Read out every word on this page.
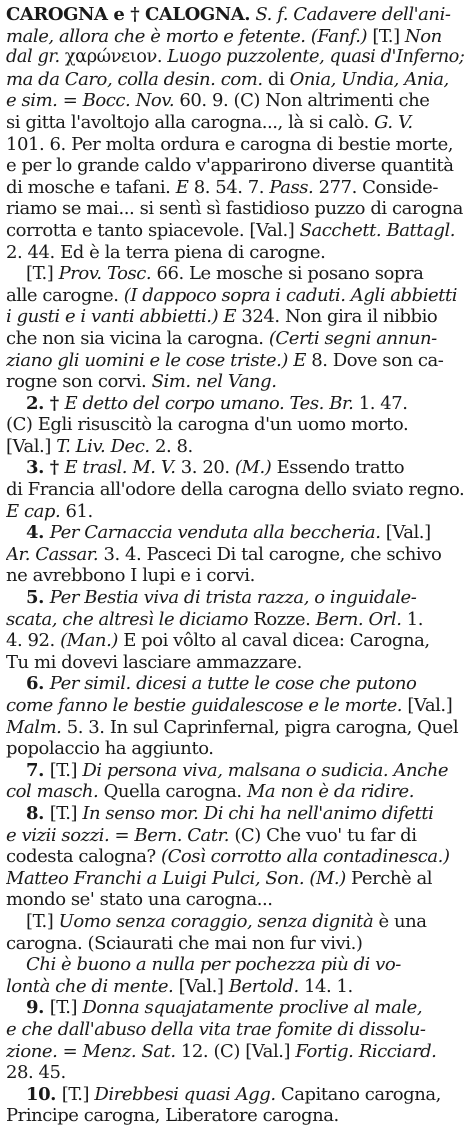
CAROGNA e † CALOGNA. S. f. Cadavere dell'ani-
male, allora che è morto e fetente. (Fanf.) [T.] Non
dal gr. χαρώνειον. Luogo puzzolente, quasi d'Inferno;
ma da Caro, colla desin. com. di Onia, Undia, Ania,
e sim. = Bocc. Nov. 60. 9. (C) Non altrimenti che
si gitta l'avoltojo alla carogna..., là si calò. G. V.
101. 6. Per molta ordura e carogna di bestie morte,
e per lo grande caldo v'apparirono diverse quantità
di mosche e tafani. E 8. 54. 7. Pass. 277. Conside-
riamo se mai... si sentì sì fastidioso puzzo di carogna
corrotta e tanto spiacevole. [Val.] Sacchett. Battagl.
2. 44. Ed è la terra piena di carogne.
[T.] Prov. Tosc. 66. Le mosche si posano sopra
alle carogne. (I dappoco sopra i caduti. Agli abbietti
i gusti e i vanti abbietti.) E 324. Non gira il nibbio
che non sia vicina la carogna. (Certi segni annun-
ziano gli uomini e le cose triste.) E 8. Dove son ca-
rogne son corvi. Sim. nel Vang.
2. † E detto del corpo umano. Tes. Br. 1. 47.
(C) Egli risuscitò la carogna d'un uomo morto.
[Val.] T. Liv. Dec. 2. 8.
3. † E trasl. M. V. 3. 20. (M.) Essendo tratto
di Francia all'odore della carogna dello sviato regno.
E cap. 61.
4. Per Carnaccia venduta alla beccheria. [Val.]
Ar. Cassar. 3. 4. Pasceci Di tal carogne, che schivo
ne avrebbono I lupi e i corvi.
5. Per Bestia viva di trista razza, o inguidale-
scata, che altresì le diciamo Rozze. Bern. Orl. 1.
4. 92. (Man.) E poi vôlto al caval dicea: Carogna,
Tu mi dovevi lasciare ammazzare.
6. Per simil. dicesi a tutte le cose che putono
come fanno le bestie guidalescose e le morte. [Val.]
Malm. 5. 3. In sul Caprinfernal, pigra carogna, Quel
popolaccio ha aggiunto.
7. [T.] Di persona viva, malsana o sudicia. Anche
col masch. Quella carogna. Ma non è da ridire.
8. [T.] In senso mor. Di chi ha nell'animo difetti
e vizii sozzi. = Bern. Catr. (C) Che vuo' tu far di
codesta calogna? (Così corrotto alla contadinesca.)
Matteo Franchi a Luigi Pulci, Son. (M.) Perchè al
mondo se' stato una carogna...
[T.] Uomo senza coraggio, senza dignità è una
carogna. (Sciaurati che mai non fur vivi.)
Chi è buono a nulla per pochezza più di vo-
lontà che di mente. [Val.] Bertold. 14. 1.
9. [T.] Donna squajatamente proclive al male,
e che dall'abuso della vita trae fomite di dissolu-
zione. = Menz. Sat. 12. (C) [Val.] Fortig. Ricciard.
28. 45.
10. [T.] Direbbesi quasi Agg. Capitano carogna,
Principe carogna, Liberatore carogna.
